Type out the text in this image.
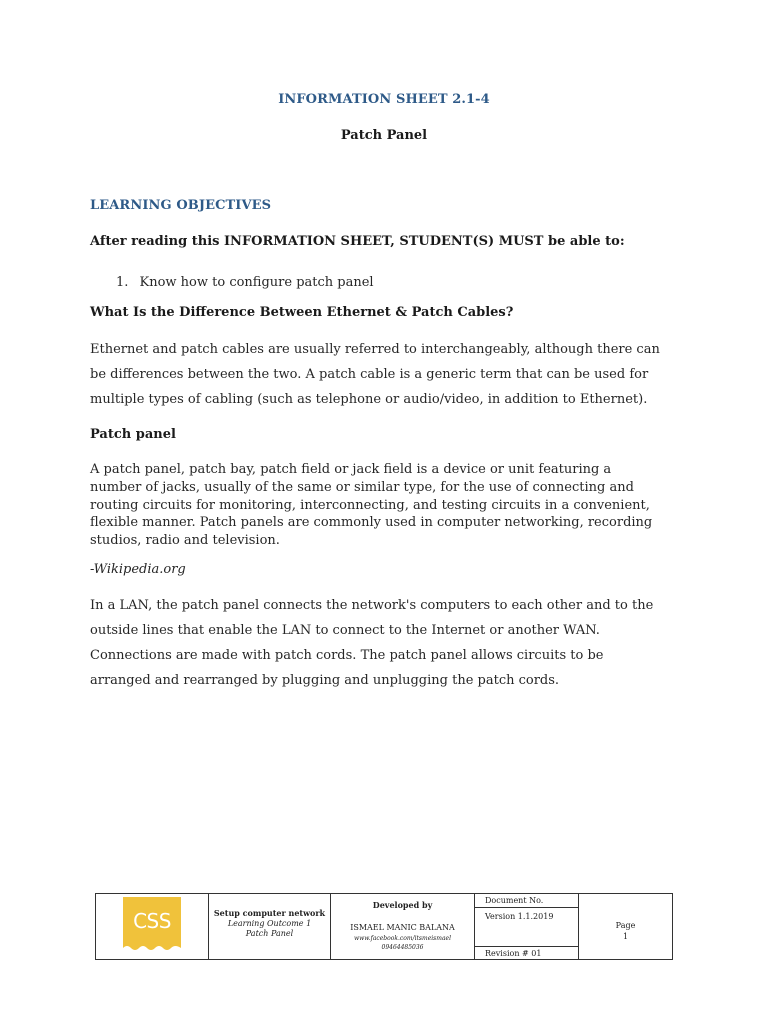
INFORMATION SHEET 2.1-4

Patch Panel

LEARNING OBJECTIVES

After reading this INFORMATION SHEET, STUDENT(S) MUST be able to:

1. Know how to configure patch panel

What Is the Difference Between Ethernet & Patch Cables?

Ethernet and patch cables are usually referred to interchangeably, although there can
be differences between the two. A patch cable is a generic term that can be used for
multiple types of cabling (such as telephone or audio/video, in addition to Ethernet).

Patch panel

A patch panel, patch bay, patch field or jack field is a device or unit featuring a
number of jacks, usually of the same or similar type, for the use of connecting and
routing circuits for monitoring, interconnecting, and testing circuits in a convenient,
flexible manner. Patch panels are commonly used in computer networking, recording
studios, radio and television.

-Wikipedia.org

In a LAN, the patch panel connects the network's computers to each other and to the
outside lines that enable the LAN to connect to the Internet or another WAN.
Connections are made with patch cords. The patch panel allows circuits to be
arranged and rearranged by plugging and unplugging the patch cords.
CSS	Setup computer network
Learning Outcome 1
Patch Panel
Developed by
ISMAEL MANIC BALANA
www.facebook.com/itsmeismael
09464485036
Document No.
Version 1.1.2019
Revision # 01
Page
1
